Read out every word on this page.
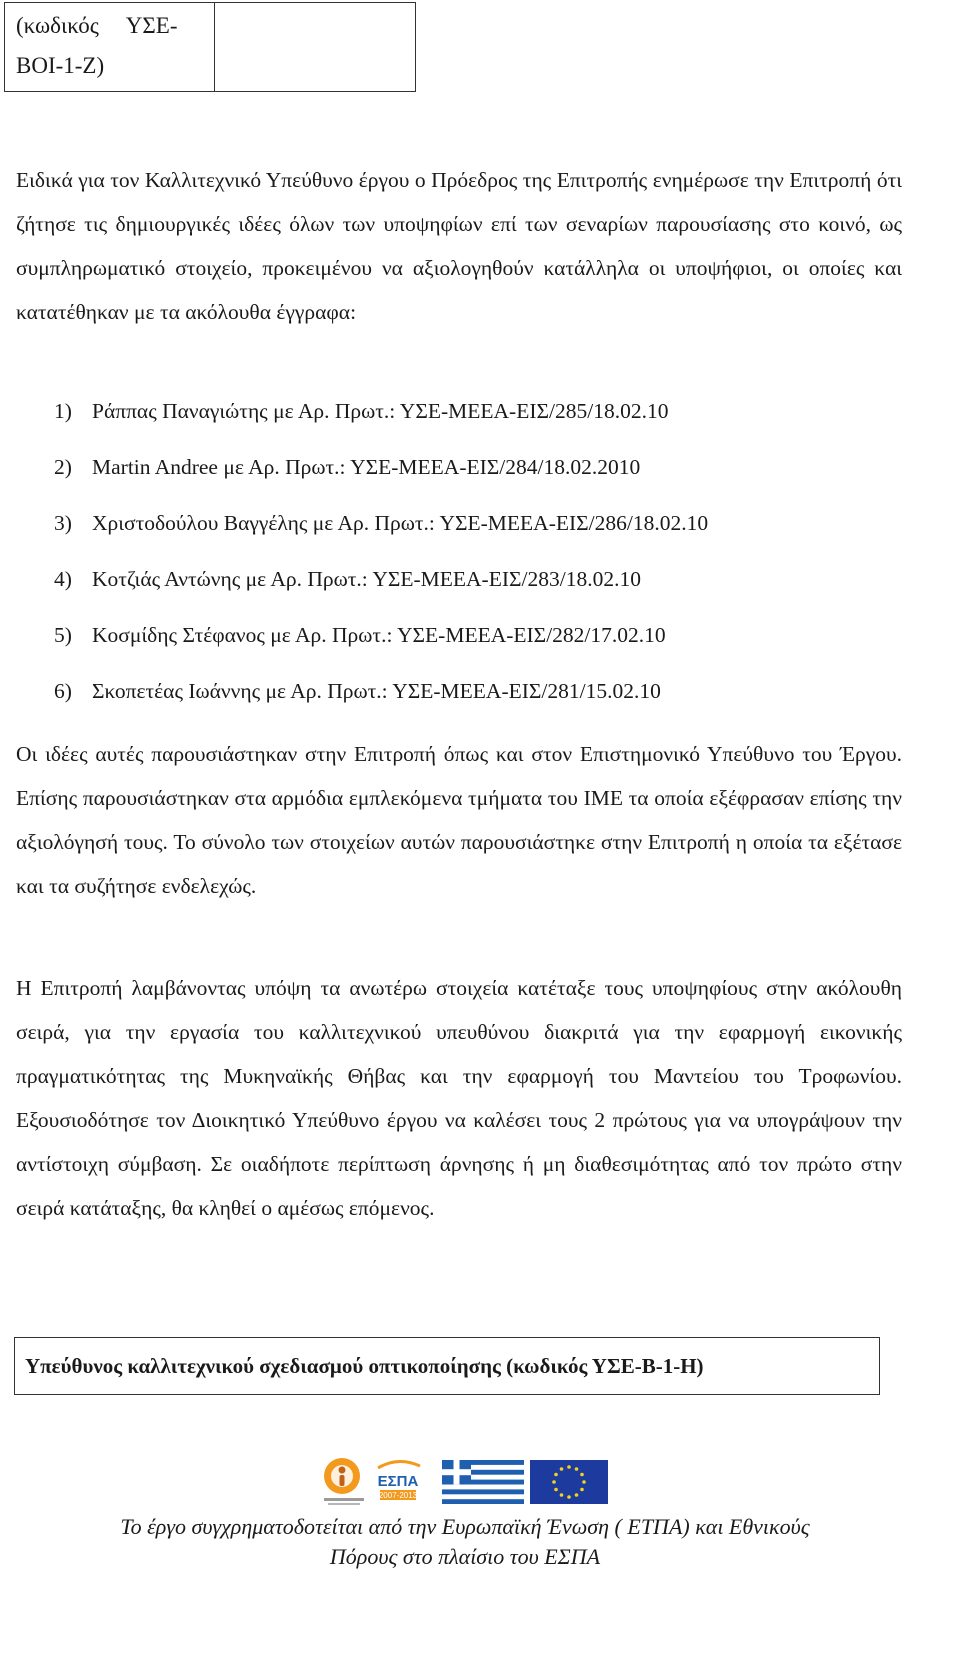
(κωδικός ΥΣΕ-
ΒΟΙ-1-Ζ)

Ειδικά για τον Καλλιτεχνικό Υπεύθυνο έργου ο Πρόεδρος της Επιτροπής ενημέρωσε την Επιτροπή ότι ζήτησε τις δημιουργικές ιδέες όλων των υποψηφίων επί των σεναρίων παρουσίασης στο κοινό, ως συμπληρωματικό στοιχείο, προκειμένου να αξιολογηθούν κατάλληλα οι υποψήφιοι, οι οποίες και κατατέθηκαν με τα ακόλουθα έγγραφα:

1) Ράππας Παναγιώτης με Αρ. Πρωτ.: ΥΣΕ-ΜΕΕΑ-ΕΙΣ/285/18.02.10
2) Martin Andree με Αρ. Πρωτ.: ΥΣΕ-ΜΕΕΑ-ΕΙΣ/284/18.02.2010
3) Χριστοδούλου Βαγγέλης με Αρ. Πρωτ.: ΥΣΕ-ΜΕΕΑ-ΕΙΣ/286/18.02.10
4) Κοτζιάς Αντώνης με Αρ. Πρωτ.: ΥΣΕ-ΜΕΕΑ-ΕΙΣ/283/18.02.10
5) Κοσμίδης Στέφανος με Αρ. Πρωτ.: ΥΣΕ-ΜΕΕΑ-ΕΙΣ/282/17.02.10
6) Σκοπετέας Ιωάννης με Αρ. Πρωτ.: ΥΣΕ-ΜΕΕΑ-ΕΙΣ/281/15.02.10

Οι ιδέες αυτές παρουσιάστηκαν στην Επιτροπή όπως και στον Επιστημονικό Υπεύθυνο του Έργου. Επίσης παρουσιάστηκαν στα αρμόδια εμπλεκόμενα τμήματα του ΙΜΕ τα οποία εξέφρασαν επίσης την αξιολόγησή τους. Το σύνολο των στοιχείων αυτών παρουσιάστηκε στην Επιτροπή η οποία τα εξέτασε και τα συζήτησε ενδελεχώς.

Η Επιτροπή λαμβάνοντας υπόψη τα ανωτέρω στοιχεία κατέταξε τους υποψηφίους στην ακόλουθη σειρά, για την εργασία του καλλιτεχνικού υπευθύνου διακριτά για την εφαρμογή εικονικής πραγματικότητας της Μυκηναϊκής Θήβας και την εφαρμογή του Μαντείου του Τροφωνίου. Εξουσιοδότησε τον Διοικητικό Υπεύθυνο έργου να καλέσει τους 2 πρώτους για να υπογράψουν την αντίστοιχη σύμβαση. Σε οιαδήποτε περίπτωση άρνησης ή μη διαθεσιμότητας από τον πρώτο στην σειρά κατάταξης, θα κληθεί ο αμέσως επόμενος.

Υπεύθυνος καλλιτεχνικού σχεδιασμού οπτικοποίησης (κωδικός ΥΣΕ-Β-1-Η)
ΕΣΠΑ
2007-2013
Το έργο συγχρηματοδοτείται από την Ευρωπαϊκή Ένωση ( ΕΤΠΑ) και Εθνικούς
Πόρους στο πλαίσιο του ΕΣΠΑ
